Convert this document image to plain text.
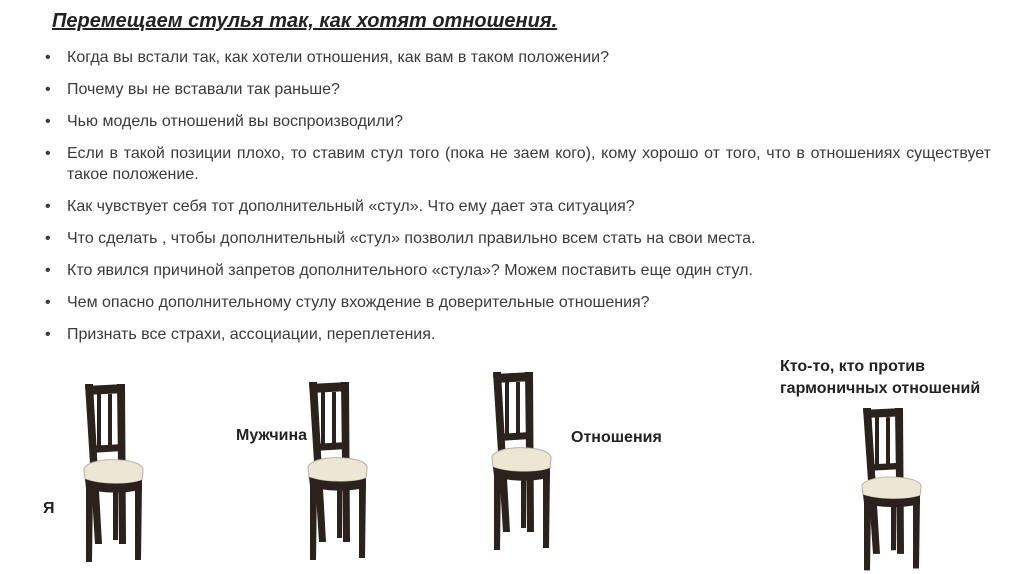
Перемещаем стулья так, как хотят отношения.
• Когда вы встали так, как хотели отношения, как вам в таком положении?
• Почему вы не вставали так раньше?
• Чью модель отношений вы воспроизводили?
• Если в такой позиции плохо, то ставим стул того (пока не заем кого), кому хорошо от того, что в отношениях существует такое положение.
• Как чувствует себя тот дополнительный «стул». Что ему дает эта ситуация?
• Что сделать , чтобы дополнительный «стул» позволил правильно всем стать на свои места.
• Кто явился причиной запретов дополнительного «стула»? Можем поставить еще один стул.
• Чем опасно дополнительному стулу вхождение в доверительные отношения?
• Признать все страхи, ассоциации, переплетения.
Я
Мужчина	Отношения
Кто-то, кто против
гармоничных отношений
